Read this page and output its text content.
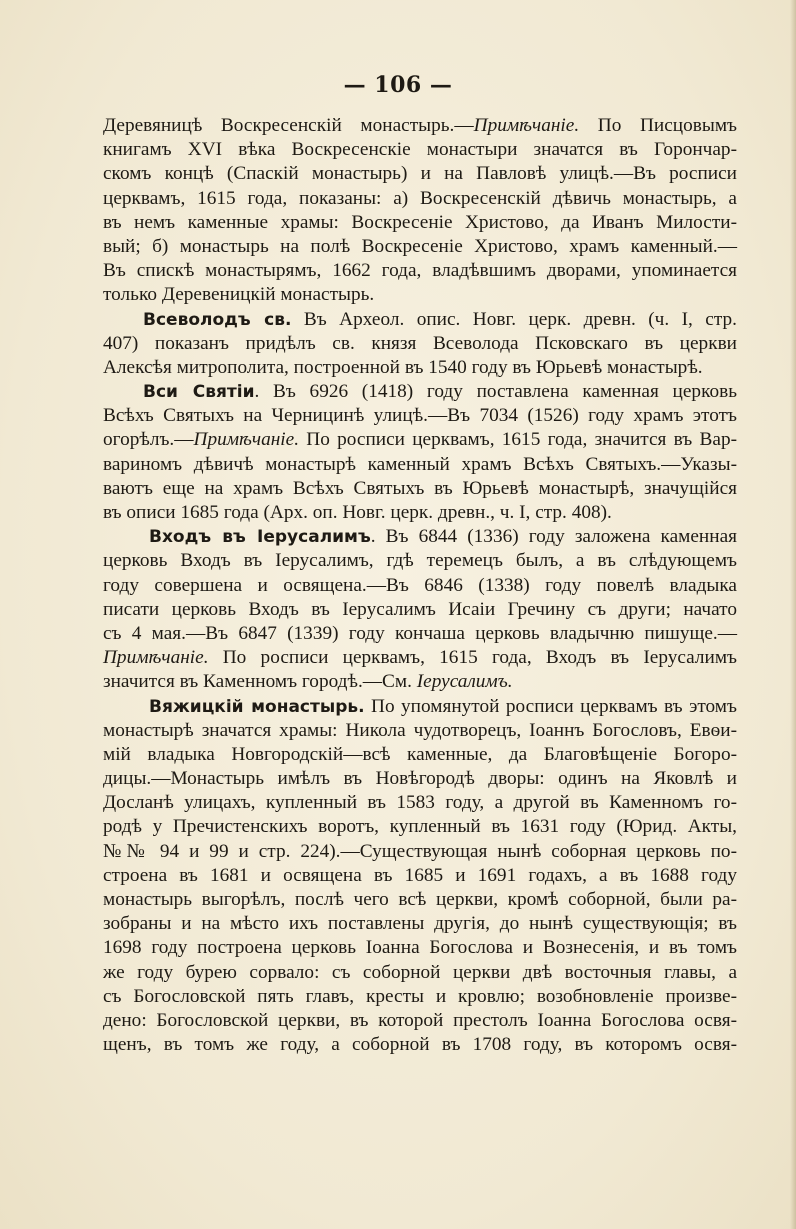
— 106 —
Деревяницѣ Воскресенскій монастырь.—Примѣчаніе. По Писцовымъ
книгамъ XVI вѣка Воскресенскіе монастыри значатся въ Горончар-
скомъ концѣ (Спаскій монастырь) и на Павловѣ улицѣ.—Въ росписи
церквамъ, 1615 года, показаны: а) Воскресенскій дѣвичь монастырь, а
въ немъ каменные храмы: Воскресеніе Христово, да Иванъ Милости-
вый; б) монастырь на полѣ Воскресеніе Христово, храмъ каменный.—
Въ спискѣ монастырямъ, 1662 года, владѣвшимъ дворами, упоминается
только Деревеницкій монастырь.
Всеволодъ св. Въ Археол. опис. Новг. церк. древн. (ч. I, стр.
407) показанъ придѣлъ св. князя Всеволода Псковскаго въ церкви
Алексѣя митрополита, построенной въ 1540 году въ Юрьевѣ монастырѣ.
Вси Святіи. Въ 6926 (1418) году поставлена каменная церковь
Всѣхъ Святыхъ на Черницинѣ улицѣ.—Въ 7034 (1526) году храмъ этотъ
огорѣлъ.—Примѣчаніе. По росписи церквамъ, 1615 года, значится въ Вар-
вариномъ дѣвичѣ монастырѣ каменный храмъ Всѣхъ Святыхъ.—Указы-
ваютъ еще на храмъ Всѣхъ Святыхъ въ Юрьевѣ монастырѣ, значущійся
въ описи 1685 года (Арх. оп. Новг. церк. древн., ч. I, стр. 408).
Входъ въ Іерусалимъ. Въ 6844 (1336) году заложена каменная
церковь Входъ въ Іерусалимъ, гдѣ теремецъ былъ, а въ слѣдующемъ
году совершена и освящена.—Въ 6846 (1338) году повелѣ владыка
писати церковь Входъ въ Іерусалимъ Исаіи Гречину съ други; начато
съ 4 мая.—Въ 6847 (1339) году кончаша церковь владычню пишуще.—
Примѣчаніе. По росписи церквамъ, 1615 года, Входъ въ Іерусалимъ
значится въ Каменномъ городѣ.—См. Іерусалимъ.
Вяжицкій монастырь. По упомянутой росписи церквамъ въ этомъ
монастырѣ значатся храмы: Никола чудотворецъ, Іоаннъ Богословъ, Евѳи-
мій владыка Новгородскій—всѣ каменные, да Благовѣщеніе Богоро-
дицы.—Монастырь имѣлъ въ Новѣгородѣ дворы: одинъ на Яковлѣ и
Досланѣ улицахъ, купленный въ 1583 году, а другой въ Каменномъ го-
родѣ у Пречистенскихъ воротъ, купленный въ 1631 году (Юрид. Акты,
№№ 94 и 99 и стр. 224).—Существующая нынѣ соборная церковь по-
строена въ 1681 и освящена въ 1685 и 1691 годахъ, а въ 1688 году
монастырь выгорѣлъ, послѣ чего всѣ церкви, кромѣ соборной, были ра-
зобраны и на мѣсто ихъ поставлены другія, до нынѣ существующія; въ
1698 году построена церковь Іоанна Богослова и Вознесенія, и въ томъ
же году бурею сорвало: съ соборной церкви двѣ восточныя главы, а
съ Богословской пять главъ, кресты и кровлю; возобновленіе произве-
дено: Богословской церкви, въ которой престолъ Іоанна Богослова освя-
щенъ, въ томъ же году, а соборной въ 1708 году, въ которомъ освя-
